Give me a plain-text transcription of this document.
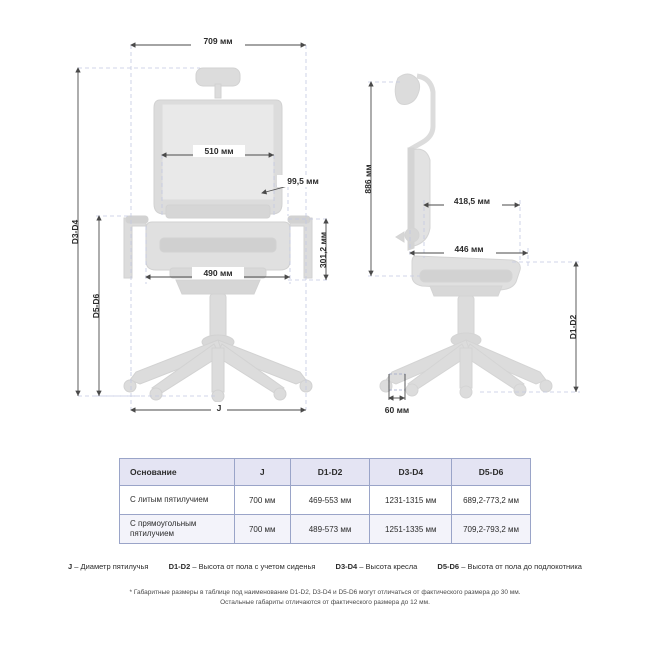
709 мм
510 мм
99,5 мм
490 мм
301,2 мм
D3-D4
D5-D6
J
886 мм
418,5 мм
446 мм
D1-D2
60 мм
Основание	J	D1-D2	D3-D4	D5-D6
С литым пятилучием	700 мм	469-553 мм	1231-1315 мм	689,2-773,2 мм
С прямоугольным пятилучием	700 мм	489-573 мм	1251-1335 мм	709,2-793,2 мм
J – Диаметр пятилучья	D1-D2 – Высота от пола с учетом сиденья	D3-D4 – Высота кресла	D5-D6 – Высота от пола до подлокотника
* Габаритные размеры в таблице под наименование D1-D2, D3-D4 и D5-D6 могут отличаться от фактического размера до 30 мм.
Остальные габариты отличаются от фактического размера до 12 мм.
